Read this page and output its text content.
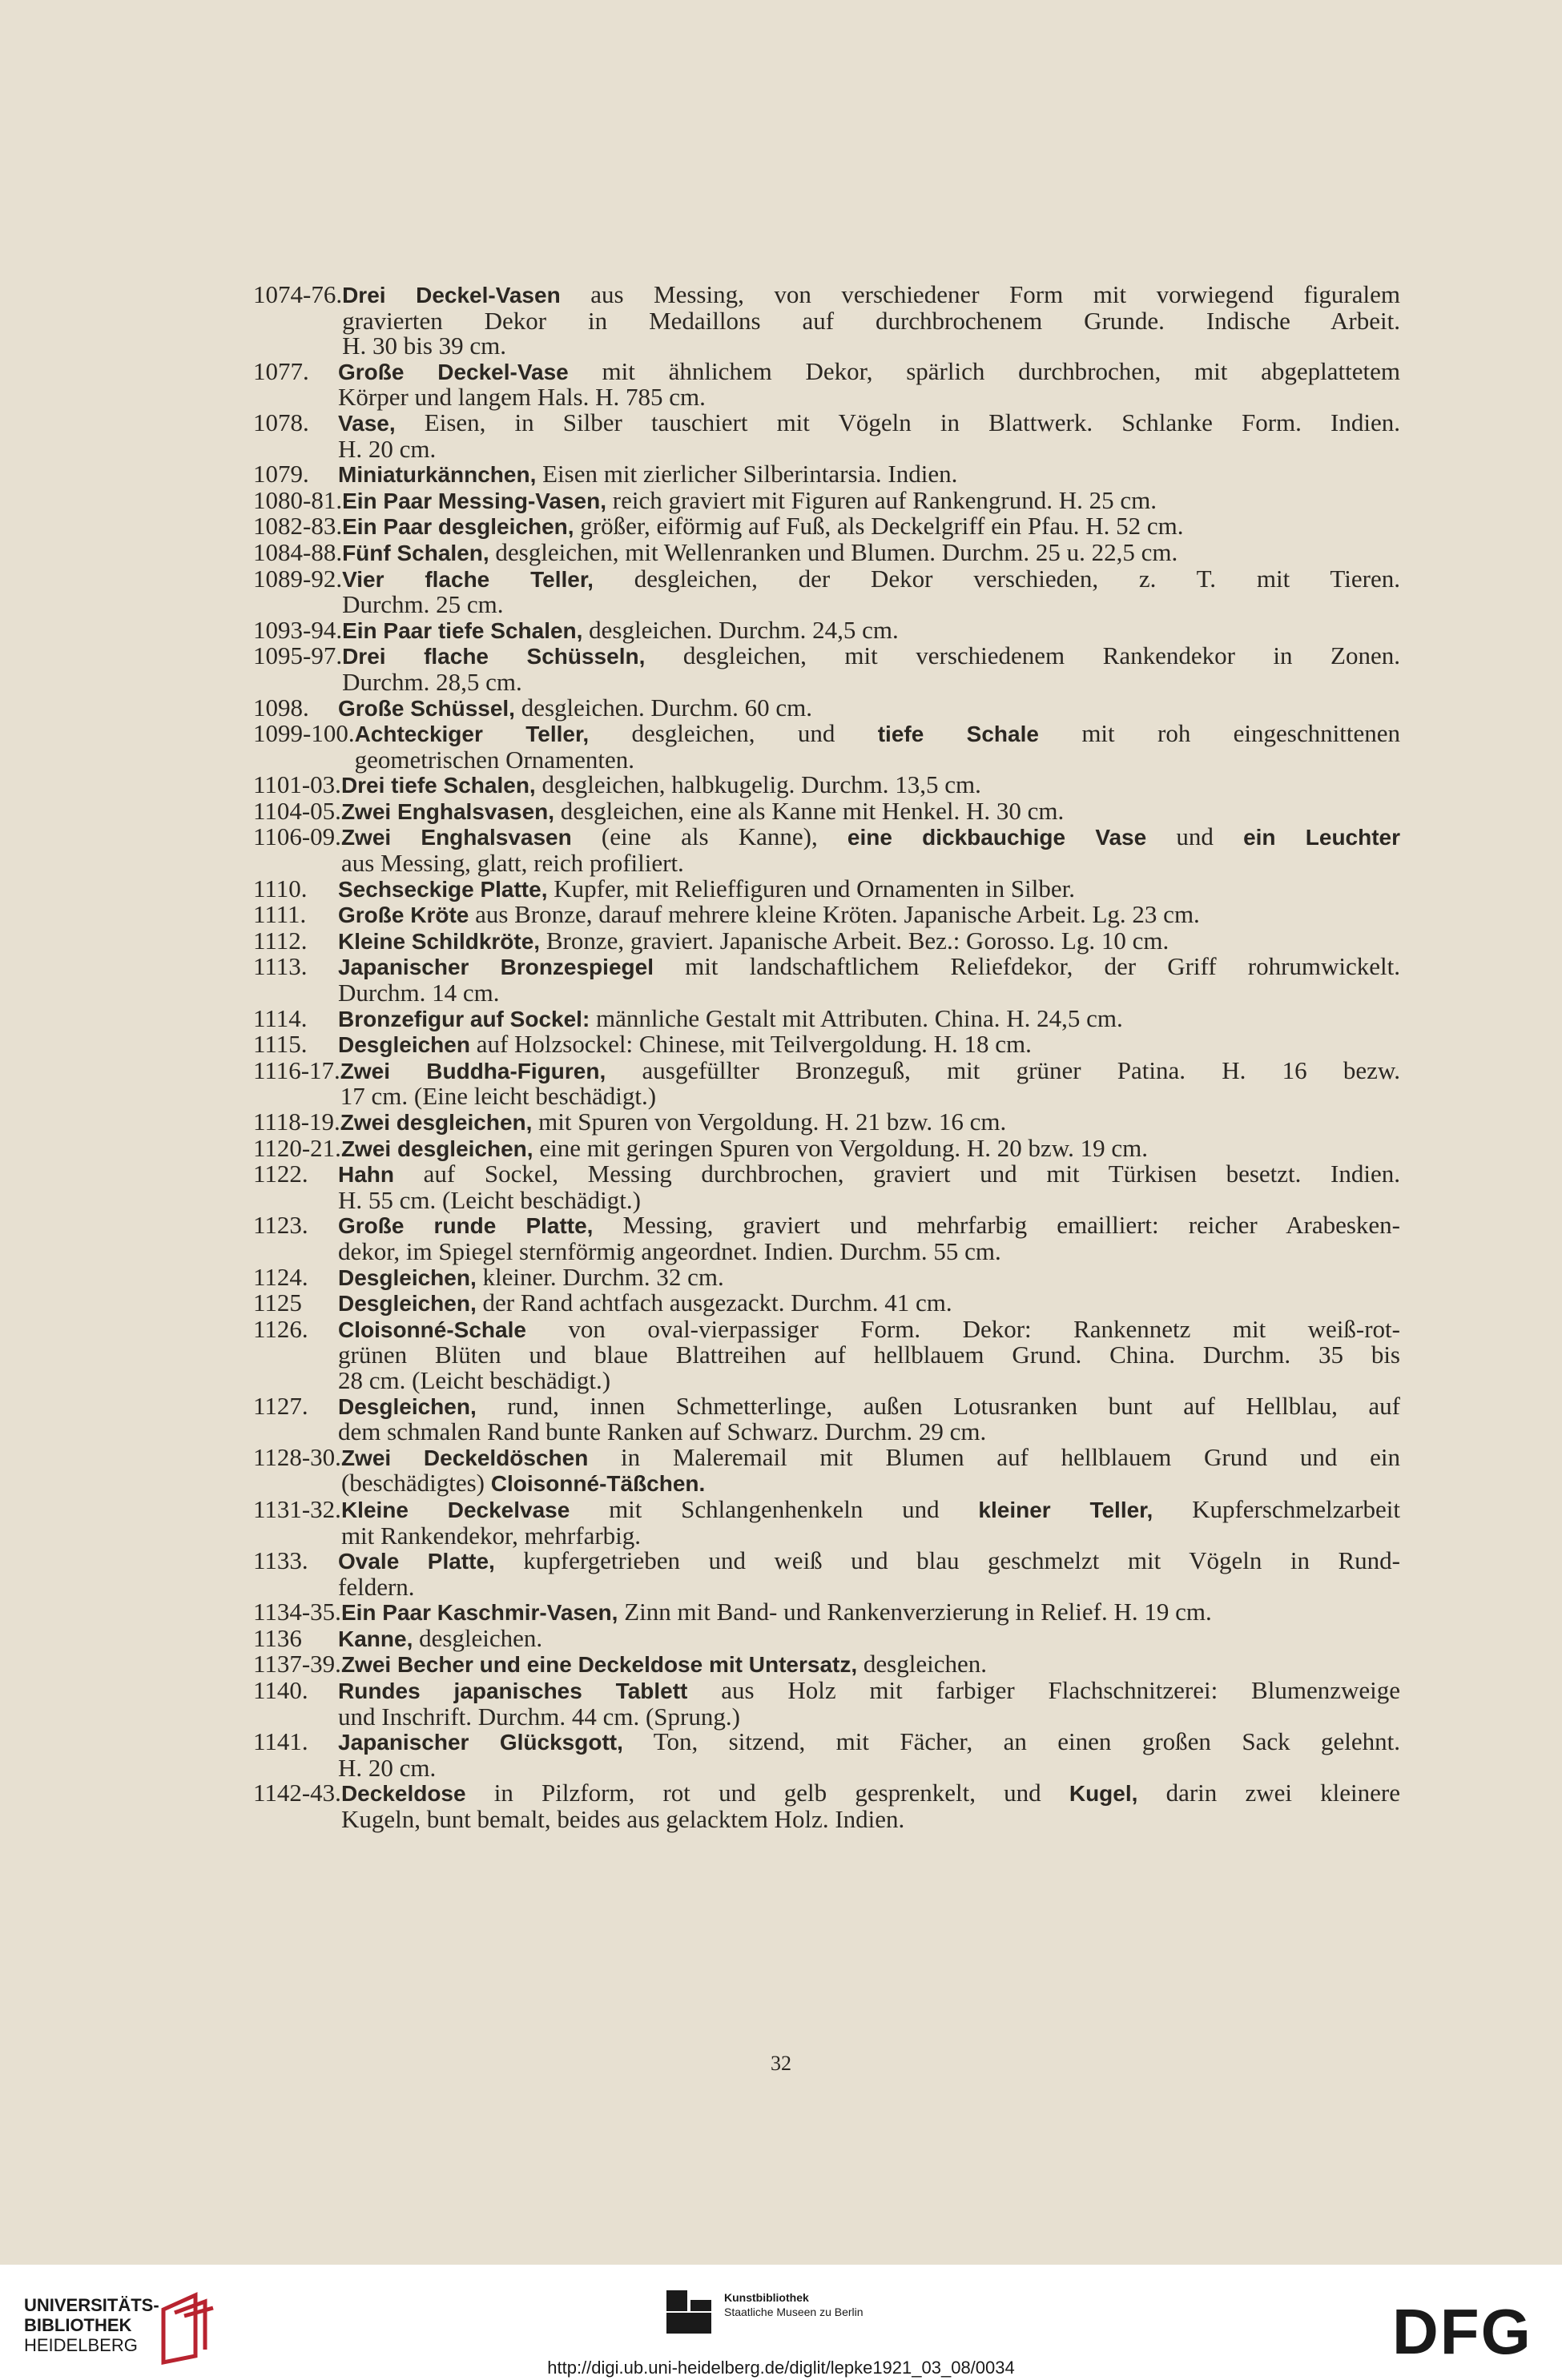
1074-76. Drei Deckel-Vasen aus Messing, von verschiedener Form mit vorwiegend figuralem

gravierten Dekor in Medaillons auf durchbrochenem Grunde. Indische Arbeit.

H. 30 bis 39 cm.

1077.	Große Deckel-Vase mit ähnlichem Dekor, spärlich durchbrochen, mit abgeplattetem

Körper und langem Hals. H. 785 cm.

1078.	Vase, Eisen, in Silber tauschiert mit Vögeln in Blattwerk. Schlanke Form. Indien.

H. 20 cm.

1079.	Miniaturkännchen, Eisen mit zierlicher Silberintarsia. Indien.

1080-81. Ein Paar Messing-Vasen, reich graviert mit Figuren auf Rankengrund. H. 25 cm.

1082-83. Ein Paar desgleichen, größer, eiförmig auf Fuß, als Deckelgriff ein Pfau. H. 52 cm.

1084-88. Fünf Schalen, desgleichen, mit Wellenranken und Blumen. Durchm. 25 u. 22,5 cm.

1089-92. Vier flache Teller, desgleichen, der Dekor verschieden, z. T. mit Tieren.

Durchm. 25 cm.

1093-94. Ein Paar tiefe Schalen, desgleichen. Durchm. 24,5 cm.

1095-97. Drei flache Schüsseln, desgleichen, mit verschiedenem Rankendekor in Zonen.

Durchm. 28,5 cm.

1098.	Große Schüssel, desgleichen. Durchm. 60 cm.

1099-100. Achteckiger Teller, desgleichen, und tiefe Schale mit roh eingeschnittenen

geometrischen Ornamenten.

1101-03. Drei tiefe Schalen, desgleichen, halbkugelig. Durchm. 13,5 cm.

1104-05. Zwei Enghalsvasen, desgleichen, eine als Kanne mit Henkel. H. 30 cm.

1106-09. Zwei Enghalsvasen (eine als Kanne), eine dickbauchige Vase und ein Leuchter

aus Messing, glatt, reich profiliert.

1110.	Sechseckige Platte, Kupfer, mit Relieffiguren und Ornamenten in Silber.

1111.	Große Kröte aus Bronze, darauf mehrere kleine Kröten. Japanische Arbeit. Lg. 23 cm.

1112.	Kleine Schildkröte, Bronze, graviert. Japanische Arbeit. Bez.: Gorosso. Lg. 10 cm.

1113.	Japanischer Bronzespiegel mit landschaftlichem Reliefdekor, der Griff rohrumwickelt.

Durchm. 14 cm.

1114.	Bronzefigur auf Sockel: männliche Gestalt mit Attributen. China. H. 24,5 cm.

1115.	Desgleichen auf Holzsockel: Chinese, mit Teilvergoldung. H. 18 cm.

1116-17. Zwei Buddha-Figuren, ausgefüllter Bronzeguß, mit grüner Patina. H. 16 bezw.

17 cm. (Eine leicht beschädigt.)

1118-19. Zwei desgleichen, mit Spuren von Vergoldung. H. 21 bzw. 16 cm.

1120-21. Zwei desgleichen, eine mit geringen Spuren von Vergoldung. H. 20 bzw. 19 cm.

1122.	Hahn auf Sockel, Messing durchbrochen, graviert und mit Türkisen besetzt. Indien.

H. 55 cm. (Leicht beschädigt.)

1123.	Große runde Platte, Messing, graviert und mehrfarbig emailliert: reicher Arabesken-

dekor, im Spiegel sternförmig angeordnet. Indien. Durchm. 55 cm.

1124.	Desgleichen, kleiner. Durchm. 32 cm.

1125	Desgleichen, der Rand achtfach ausgezackt. Durchm. 41 cm.

1126.	Cloisonné-Schale von oval-vierpassiger Form. Dekor: Rankennetz mit weiß-rot-

grünen Blüten und blaue Blattreihen auf hellblauem Grund. China. Durchm. 35 bis

28 cm. (Leicht beschädigt.)

1127.	Desgleichen, rund, innen Schmetterlinge, außen Lotusranken bunt auf Hellblau, auf

dem schmalen Rand bunte Ranken auf Schwarz. Durchm. 29 cm.

1128-30. Zwei Deckeldöschen in Maleremail mit Blumen auf hellblauem Grund und ein

(beschädigtes) Cloisonné-Täßchen.

1131-32. Kleine Deckelvase mit Schlangenhenkeln und kleiner Teller, Kupferschmelzarbeit

mit Rankendekor, mehrfarbig.

1133.	Ovale Platte, kupfergetrieben und weiß und blau geschmelzt mit Vögeln in Rund-

feldern.

1134-35. Ein Paar Kaschmir-Vasen, Zinn mit Band- und Rankenverzierung in Relief. H. 19 cm.

1136	Kanne, desgleichen.

1137-39. Zwei Becher und eine Deckeldose mit Untersatz, desgleichen.

1140.	Rundes japanisches Tablett aus Holz mit farbiger Flachschnitzerei: Blumenzweige

und Inschrift. Durchm. 44 cm. (Sprung.)

1141.	Japanischer Glücksgott, Ton, sitzend, mit Fächer, an einen großen Sack gelehnt.

H. 20 cm.

1142-43. Deckeldose in Pilzform, rot und gelb gesprenkelt, und Kugel, darin zwei kleinere

Kugeln, bunt bemalt, beides aus gelacktem Holz. Indien.

32
UNIVERSITÄTS-
BIBLIOTHEK
HEIDELBERG
Kunstbibliothek
Staatliche Museen zu Berlin	DFG
http://digi.ub.uni-heidelberg.de/diglit/lepke1921_03_08/0034
